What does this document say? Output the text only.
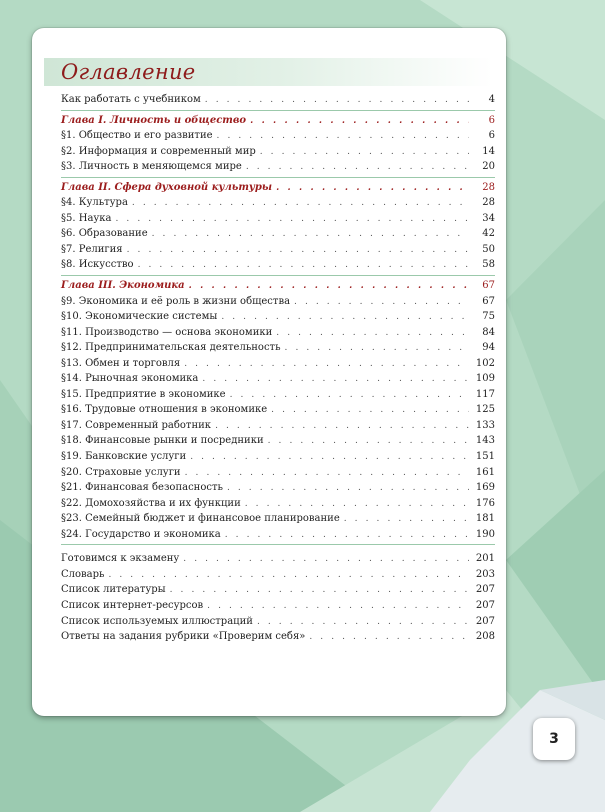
Оглавление
Как работать с учебником . . .	4
Глава I. Личность и общество . . .	6
§1. Общество и его развитие . . .	6
§2. Информация и современный мир . . .	14
§3. Личность в меняющемся мире . . .	20
Глава II. Сфера духовной культуры . . .	28
§4. Культура . . .	28
§5. Наука . . .	34
§6. Образование . . .	42
§7. Религия . . .	50
§8. Искусство . . .	58
Глава III. Экономика . . .	67
§9. Экономика и её роль в жизни общества . . .	67
§10. Экономические системы . . .	75
§11. Производство — основа экономики . . .	84
§12. Предпринимательская деятельность . . .	94
§13. Обмен и торговля . . .	102
§14. Рыночная экономика . . .	109
§15. Предприятие в экономике . . .	117
§16. Трудовые отношения в экономике . . .	125
§17. Современный работник . . .	133
§18. Финансовые рынки и посредники . . .	143
§19. Банковские услуги . . .	151
§20. Страховые услуги . . .	161
§21. Финансовая безопасность . . .	169
§22. Домохозяйства и их функции . . .	176
§23. Семейный бюджет и финансовое планирование . . .	181
§24. Государство и экономика . . .	190
Готовимся к экзамену . . .	201
Словарь . . .	203
Список литературы . . .	207
Список интернет-ресурсов . . .	207
Список используемых иллюстраций . . .	207
Ответы на задания рубрики «Проверим себя» . . .	208
3
